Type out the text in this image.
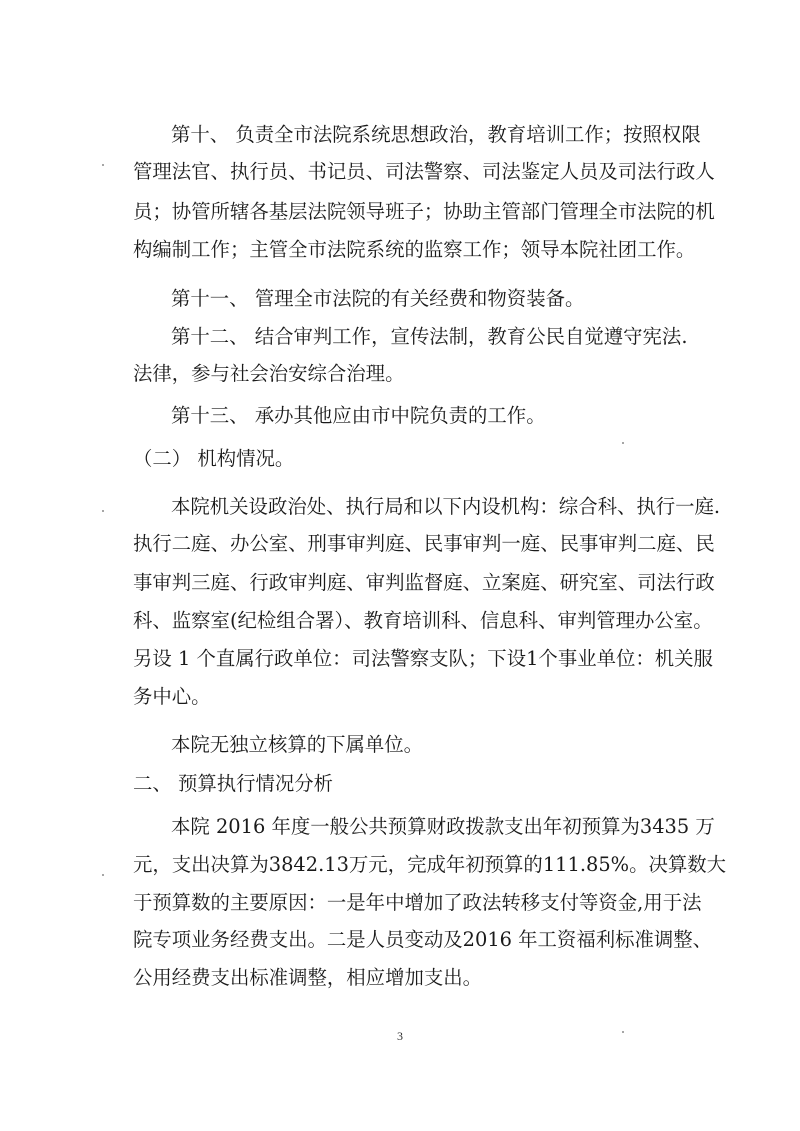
第十、 负责全市法院系统思想政治，教育培训工作；按照权限
管理法官、执行员、书记员、司法警察、司法鉴定人员及司法行政人
员；协管所辖各基层法院领导班子；协助主管部门管理全市法院的机
构编制工作；主管全市法院系统的监察工作；领导本院社团工作。
第十一、 管理全市法院的有关经费和物资装备。
第十二、 结合审判工作，宣传法制，教育公民自觉遵守宪法.
法律，参与社会治安综合治理。
第十三、 承办其他应由市中院负责的工作。
（二） 机构情况。
本院机关设政治处、执行局和以下内设机构：综合科、执行一庭.
执行二庭、办公室、刑事审判庭、民事审判一庭、民事审判二庭、民
事审判三庭、行政审判庭、审判监督庭、立案庭、研究室、司法行政
科、监察室(纪检组合署）、教育培训科、信息科、审判管理办公室。
另设 1 个直属行政单位：司法警察支队；下设1个事业单位：机关服
务中心。
本院无独立核算的下属单位。
二、 预算执行情况分析
本院 2016 年度一般公共预算财政拨款支出年初预算为3435 万
元，支出决算为3842.13万元，完成年初预算的111.85%。决算数大
于预算数的主要原因：一是年中增加了政法转移支付等资金,用于法
院专项业务经费支出。二是人员变动及2016 年工资福利标准调整、
公用经费支出标准调整，相应增加支出。
3
